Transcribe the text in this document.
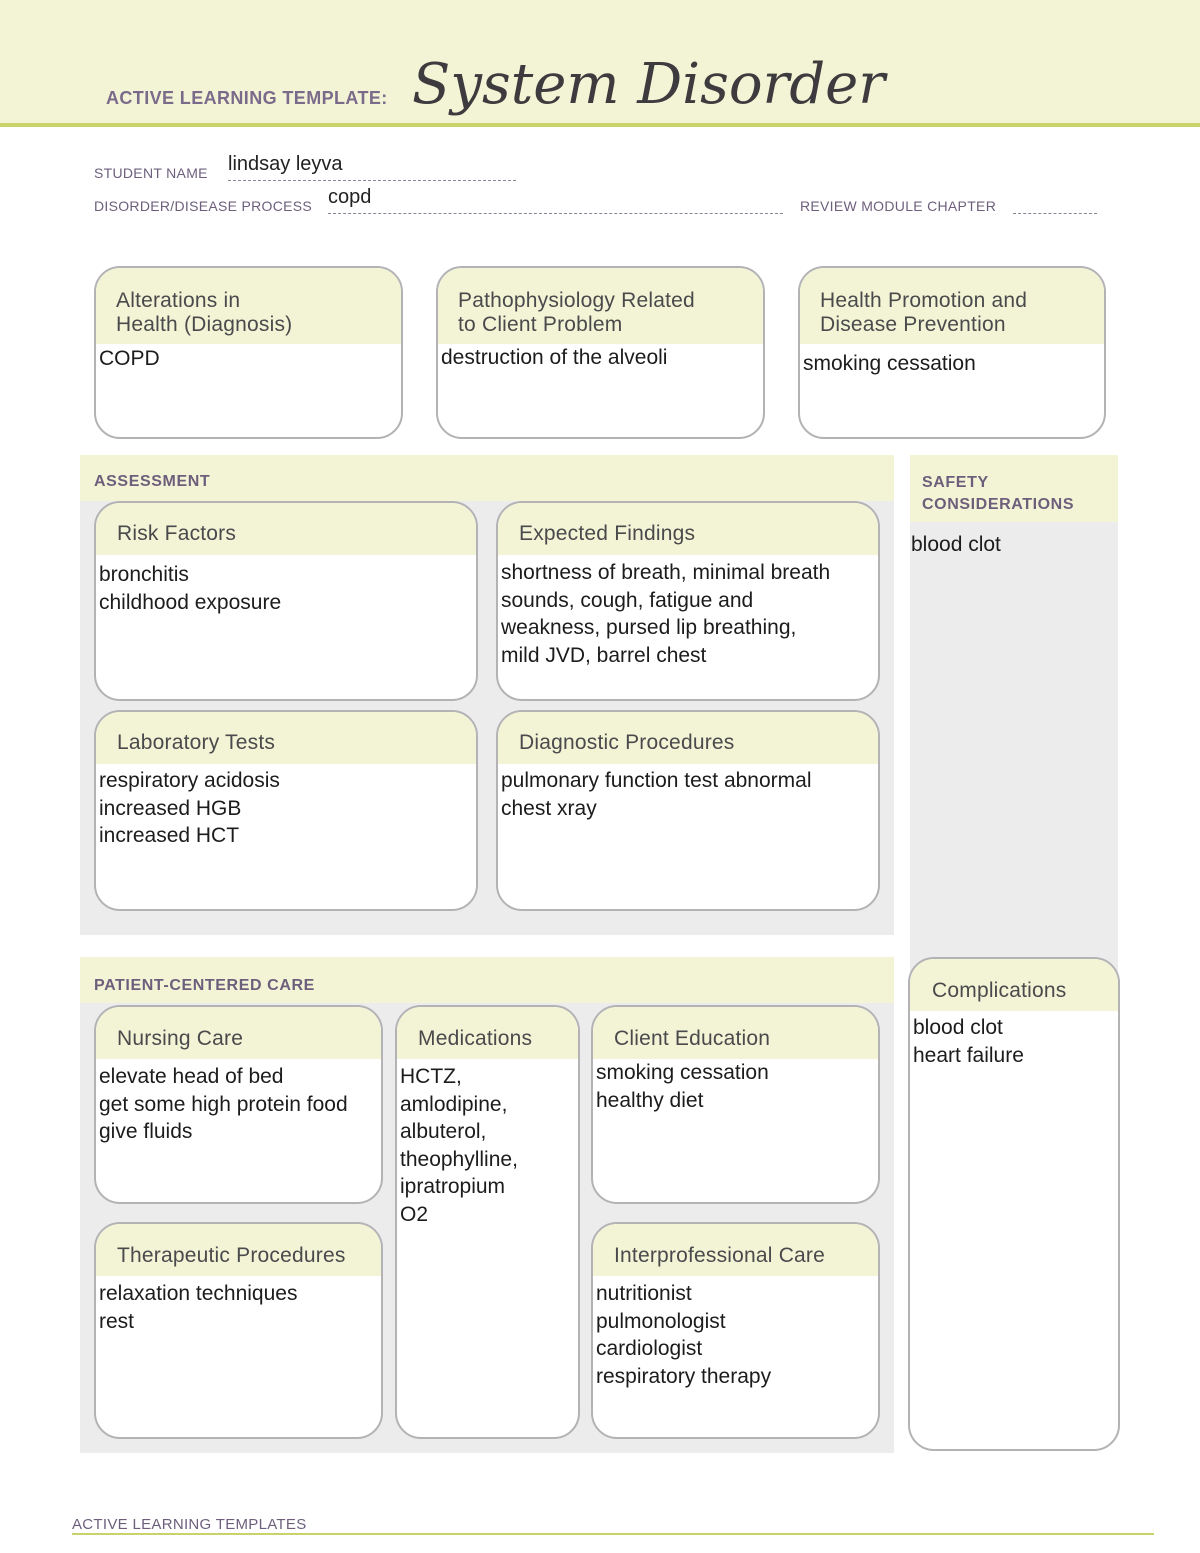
ACTIVE LEARNING TEMPLATE: System Disorder
STUDENT NAME lindsay leyva
DISORDER/DISEASE PROCESS copd	REVIEW MODULE CHAPTER
Alterations in
Health (Diagnosis)
COPD
Pathophysiology Related
to Client Problem
destruction of the alveoli
Health Promotion and
Disease Prevention
smoking cessation
ASSESSMENT
Risk Factors
bronchitis
childhood exposure
Expected Findings
shortness of breath, minimal breath
sounds, cough, fatigue and
weakness, pursed lip breathing,
mild JVD, barrel chest
Laboratory Tests
respiratory acidosis
increased HGB
increased HCT
Diagnostic Procedures
pulmonary function test abnormal
chest xray
SAFETY
CONSIDERATIONS
blood clot
Complications
blood clot
heart failure
PATIENT-CENTERED CARE
Nursing Care
elevate head of bed
get some high protein food
give fluids
Medications
HCTZ,
amlodipine,
albuterol,
theophylline,
ipratropium
O2
Client Education
smoking cessation
healthy diet
Therapeutic Procedures
relaxation techniques
rest
Interprofessional Care
nutritionist
pulmonologist
cardiologist
respiratory therapy
ACTIVE LEARNING TEMPLATES
